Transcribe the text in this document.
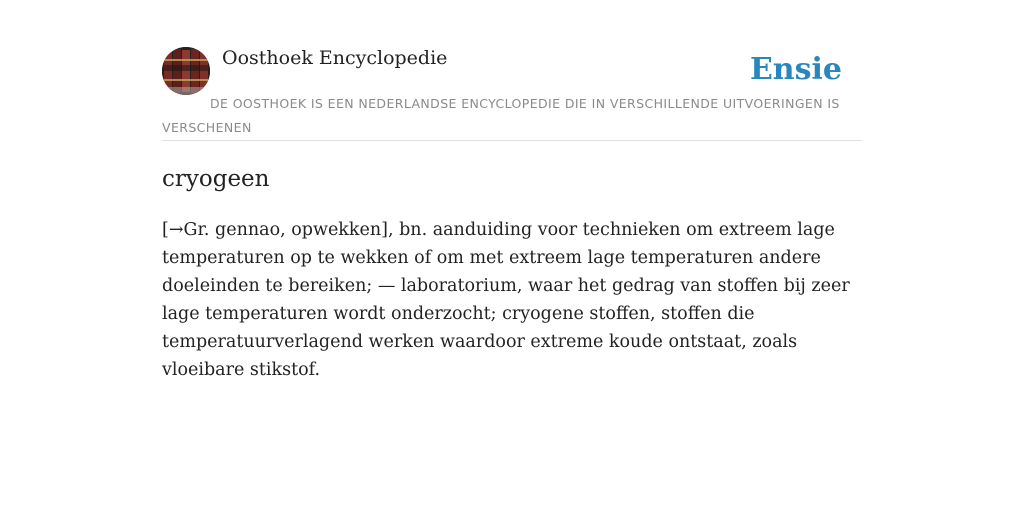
Oosthoek Encyclopedie	Ensie
DE OOSTHOEK IS EEN NEDERLANDSE ENCYCLOPEDIE DIE IN VERSCHILLENDE UITVOERINGEN IS VERSCHENEN
cryogeen

[→Gr. gennao, opwekken], bn. aanduiding voor technieken om extreem lage temperaturen op te wekken of om met extreem lage temperaturen andere doeleinden te bereiken; — laboratorium, waar het gedrag van stoffen bij zeer lage temperaturen wordt onderzocht; cryogene stoffen, stoffen die temperatuurverlagend werken waardoor extreme koude ontstaat, zoals vloeibare stikstof.
